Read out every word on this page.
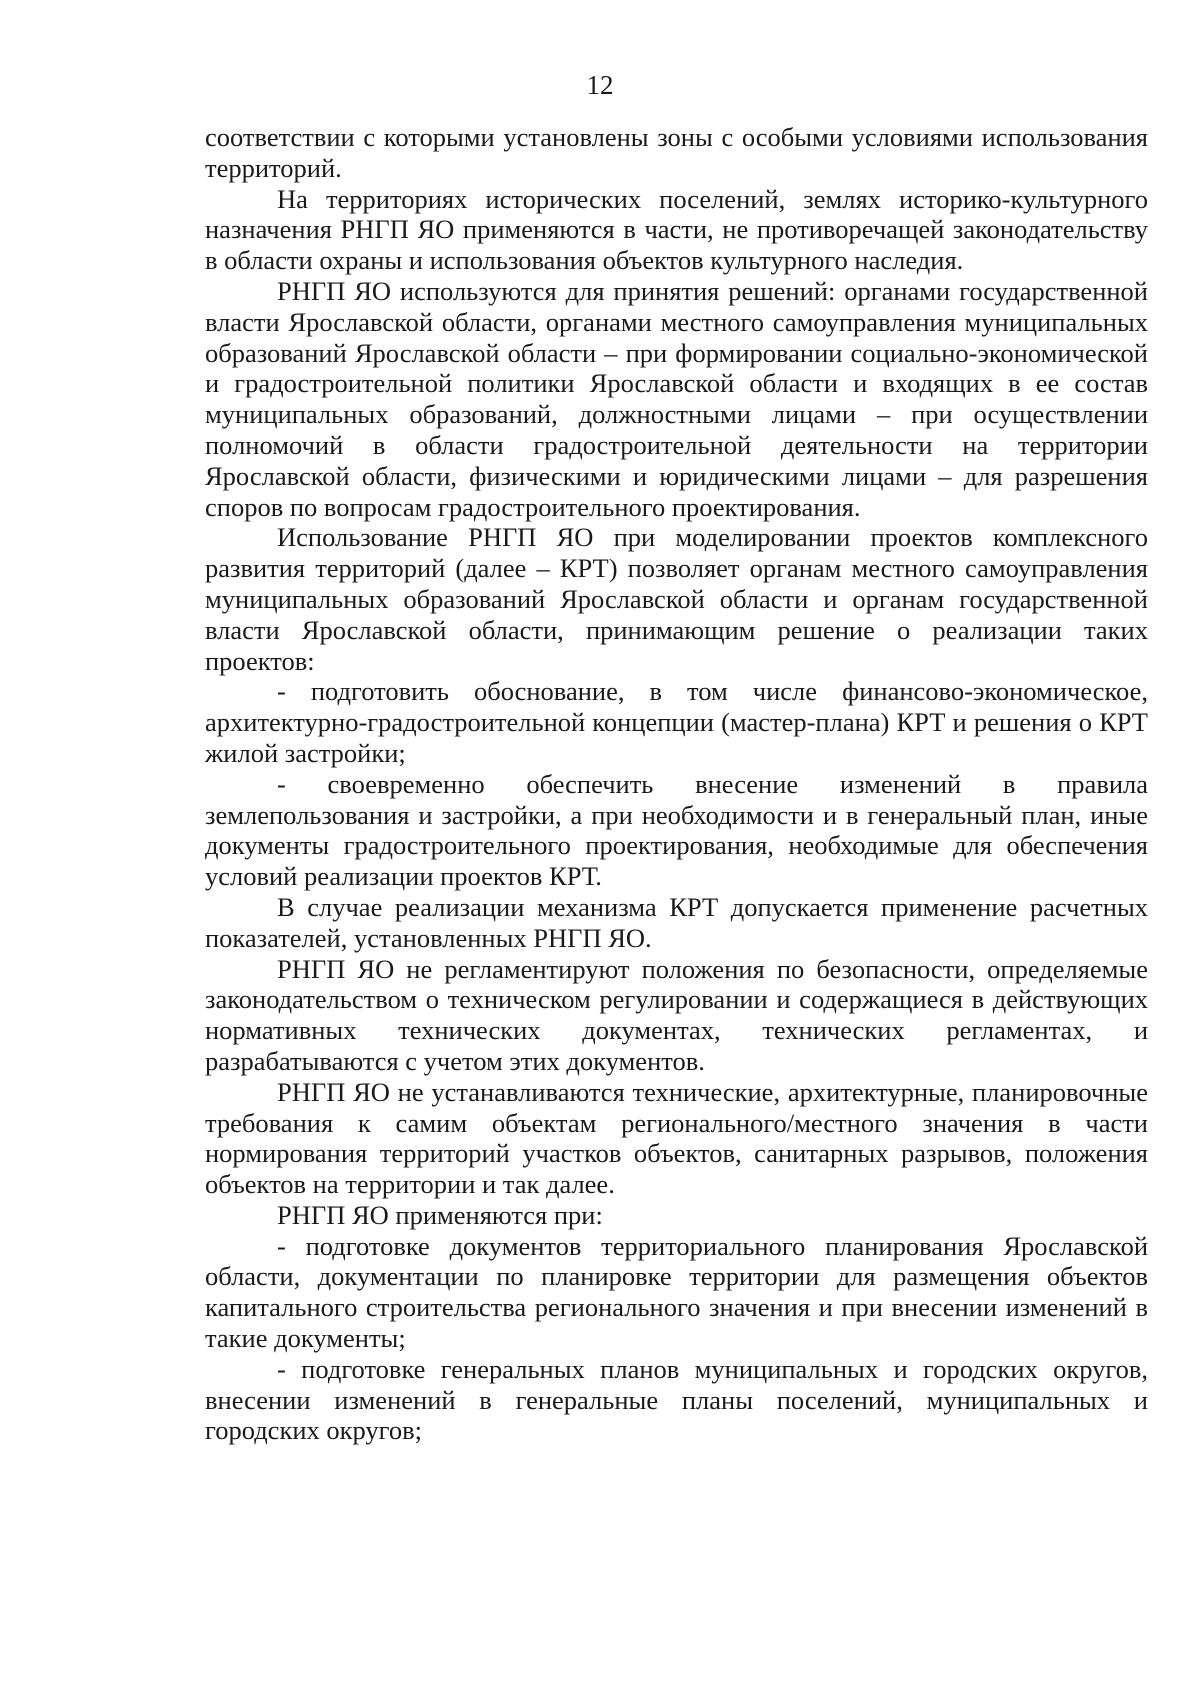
12

соответствии с которыми установлены зоны с особыми условиями использования территорий.

На территориях исторических поселений, землях историко-культурного назначения РНГП ЯО применяются в части, не противоречащей законодательству в области охраны и использования объектов культурного наследия.

РНГП ЯО используются для принятия решений: органами государственной власти Ярославской области, органами местного самоуправления муниципальных образований Ярославской области – при формировании социально-экономической и градостроительной политики Ярославской области и входящих в ее состав муниципальных образований, должностными лицами – при осуществлении полномочий в области градостроительной деятельности на территории Ярославской области, физическими и юридическими лицами – для разрешения споров по вопросам градостроительного проектирования.

Использование РНГП ЯО при моделировании проектов комплексного развития территорий (далее – КРТ) позволяет органам местного самоуправления муниципальных образований Ярославской области и органам государственной власти Ярославской области, принимающим решение о реализации таких проектов:

- подготовить обоснование, в том числе финансово-экономическое, архитектурно-градостроительной концепции (мастер-плана) КРТ и решения о КРТ жилой застройки;

- своевременно обеспечить внесение изменений в правила землепользования и застройки, а при необходимости и в генеральный план, иные документы градостроительного проектирования, необходимые для обеспечения условий реализации проектов КРТ.

В случае реализации механизма КРТ допускается применение расчетных показателей, установленных РНГП ЯО.

РНГП ЯО не регламентируют положения по безопасности, определяемые законодательством о техническом регулировании и содержащиеся в действующих нормативных технических документах, технических регламентах, и разрабатываются с учетом этих документов.

РНГП ЯО не устанавливаются технические, архитектурные, планировочные требования к самим объектам регионального/местного значения в части нормирования территорий участков объектов, санитарных разрывов, положения объектов на территории и так далее.

РНГП ЯО применяются при:

- подготовке документов территориального планирования Ярославской области, документации по планировке территории для размещения объектов капитального строительства регионального значения и при внесении изменений в такие документы;

- подготовке генеральных планов муниципальных и городских округов, внесении изменений в генеральные планы поселений, муниципальных и городских округов;
